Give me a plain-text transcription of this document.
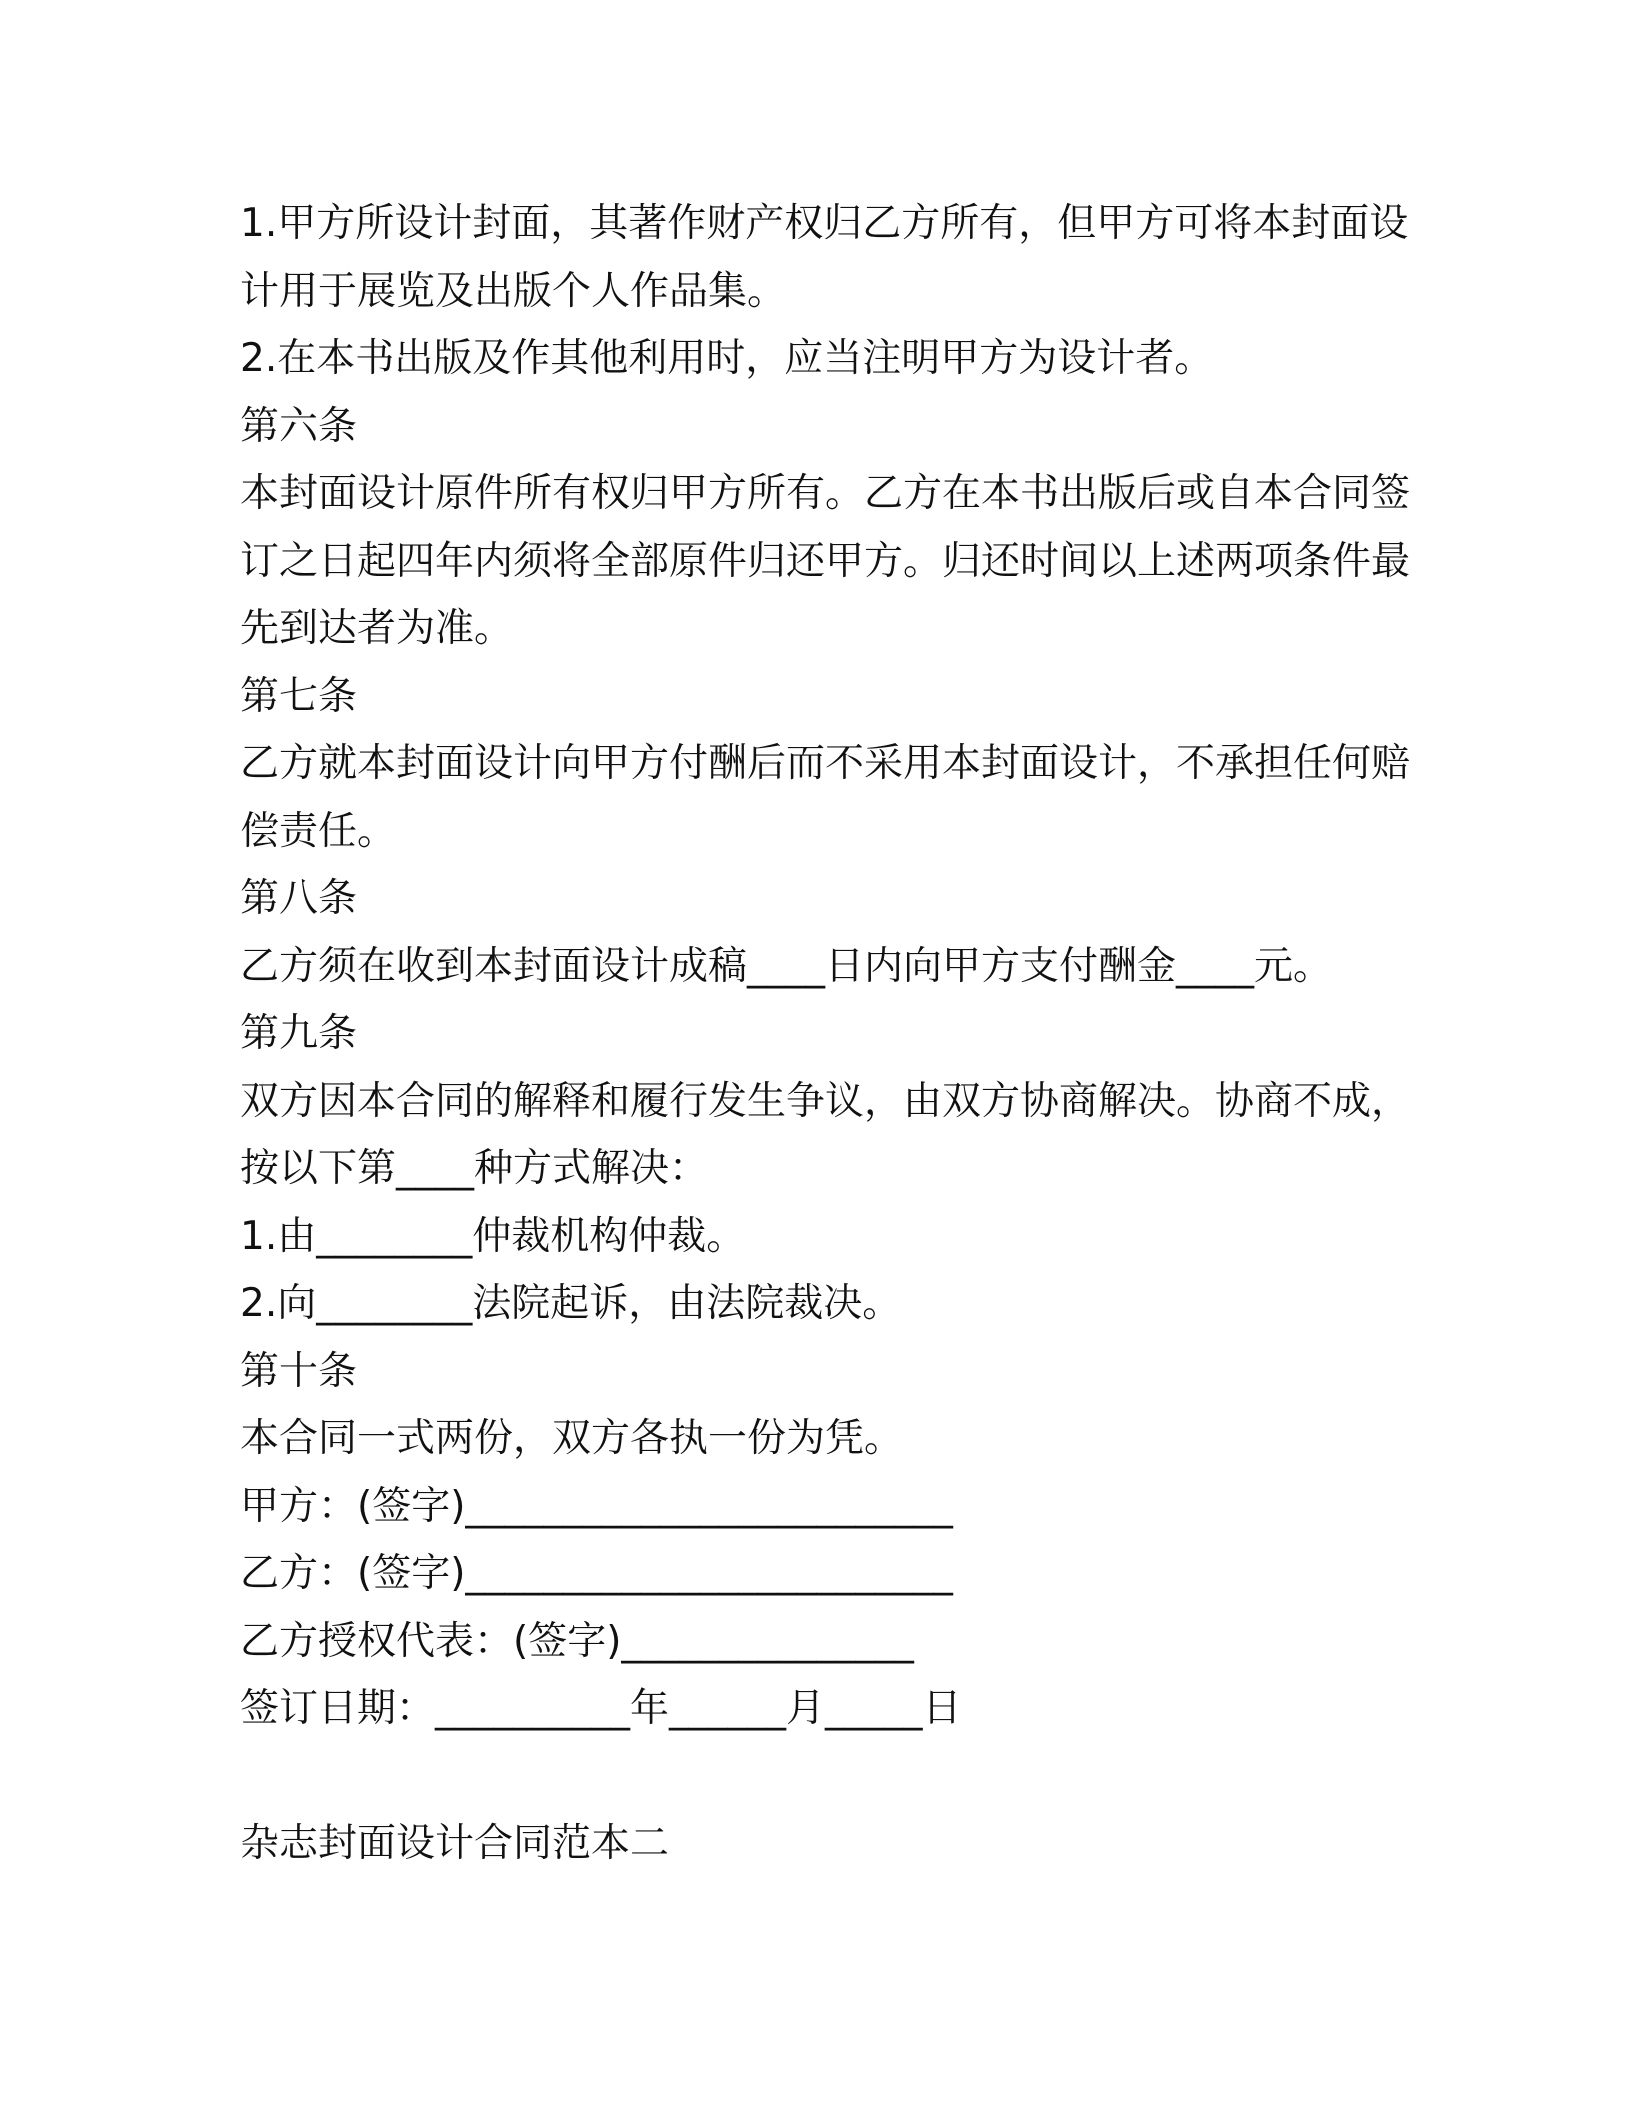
1.甲方所设计封面，其著作财产权归乙方所有，但甲方可将本封面设
计用于展览及出版个人作品集。
2.在本书出版及作其他利用时，应当注明甲方为设计者。
第六条
本封面设计原件所有权归甲方所有。乙方在本书出版后或自本合同签
订之日起四年内须将全部原件归还甲方。归还时间以上述两项条件最
先到达者为准。
第七条
乙方就本封面设计向甲方付酬后而不采用本封面设计，不承担任何赔
偿责任。
第八条
乙方须在收到本封面设计成稿____日内向甲方支付酬金____元。
第九条
双方因本合同的解释和履行发生争议，由双方协商解决。协商不成，
按以下第____种方式解决：
1.由________仲裁机构仲裁。
2.向________法院起诉，由法院裁决。
第十条
本合同一式两份，双方各执一份为凭。
甲方：(签字)_________________________
乙方：(签字)_________________________
乙方授权代表：(签字)_______________
签订日期：__________年______月_____日
杂志封面设计合同范本二
